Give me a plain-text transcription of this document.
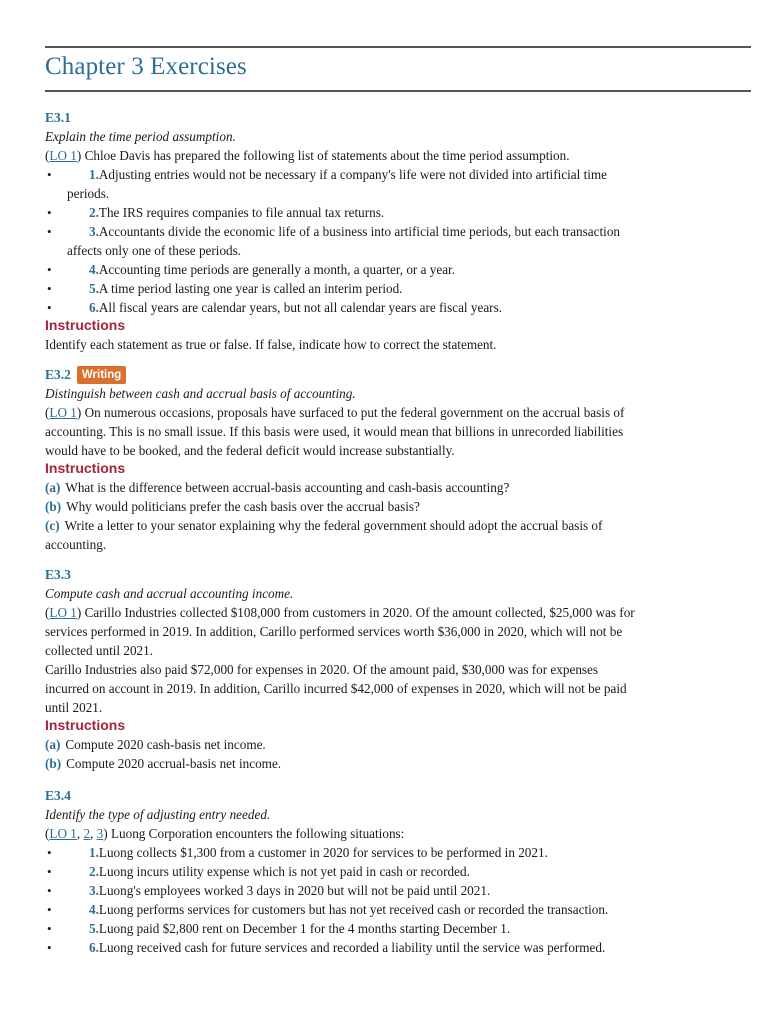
Chapter 3 Exercises
E3.1
Explain the time period assumption.

(LO 1) Chloe Davis has prepared the following list of statements about the time period assumption.

•	1.Adjusting entries would not be necessary if a company's life were not divided into artificial time
periods.
•	2.The IRS requires companies to file annual tax returns.
•	3.Accountants divide the economic life of a business into artificial time periods, but each transaction
affects only one of these periods.
•	4.Accounting time periods are generally a month, a quarter, or a year.
•	5.A time period lasting one year is called an interim period.
•	6.All fiscal years are calendar years, but not all calendar years are fiscal years.
Instructions

Identify each statement as true or false. If false, indicate how to correct the statement.

E3.2 Writing
Distinguish between cash and accrual basis of accounting.

(LO 1) On numerous occasions, proposals have surfaced to put the federal government on the accrual basis of
accounting. This is no small issue. If this basis were used, it would mean that billions in unrecorded liabilities
would have to be booked, and the federal deficit would increase substantially.

Instructions
(a) What is the difference between accrual-basis accounting and cash-basis accounting?
(b) Why would politicians prefer the cash basis over the accrual basis?
(c) Write a letter to your senator explaining why the federal government should adopt the accrual basis of
accounting.
E3.3
Compute cash and accrual accounting income.

(LO 1) Carillo Industries collected $108,000 from customers in 2020. Of the amount collected, $25,000 was for
services performed in 2019. In addition, Carillo performed services worth $36,000 in 2020, which will not be
collected until 2021.

Carillo Industries also paid $72,000 for expenses in 2020. Of the amount paid, $30,000 was for expenses
incurred on account in 2019. In addition, Carillo incurred $42,000 of expenses in 2020, which will not be paid
until 2021.

Instructions
(a) Compute 2020 cash-basis net income.
(b) Compute 2020 accrual-basis net income.
E3.4
Identify the type of adjusting entry needed.

(LO 1, 2, 3) Luong Corporation encounters the following situations:

•	1.Luong collects $1,300 from a customer in 2020 for services to be performed in 2021.
•	2.Luong incurs utility expense which is not yet paid in cash or recorded.
•	3.Luong's employees worked 3 days in 2020 but will not be paid until 2021.
•	4.Luong performs services for customers but has not yet received cash or recorded the transaction.
•	5.Luong paid $2,800 rent on December 1 for the 4 months starting December 1.
•	6.Luong received cash for future services and recorded a liability until the service was performed.
